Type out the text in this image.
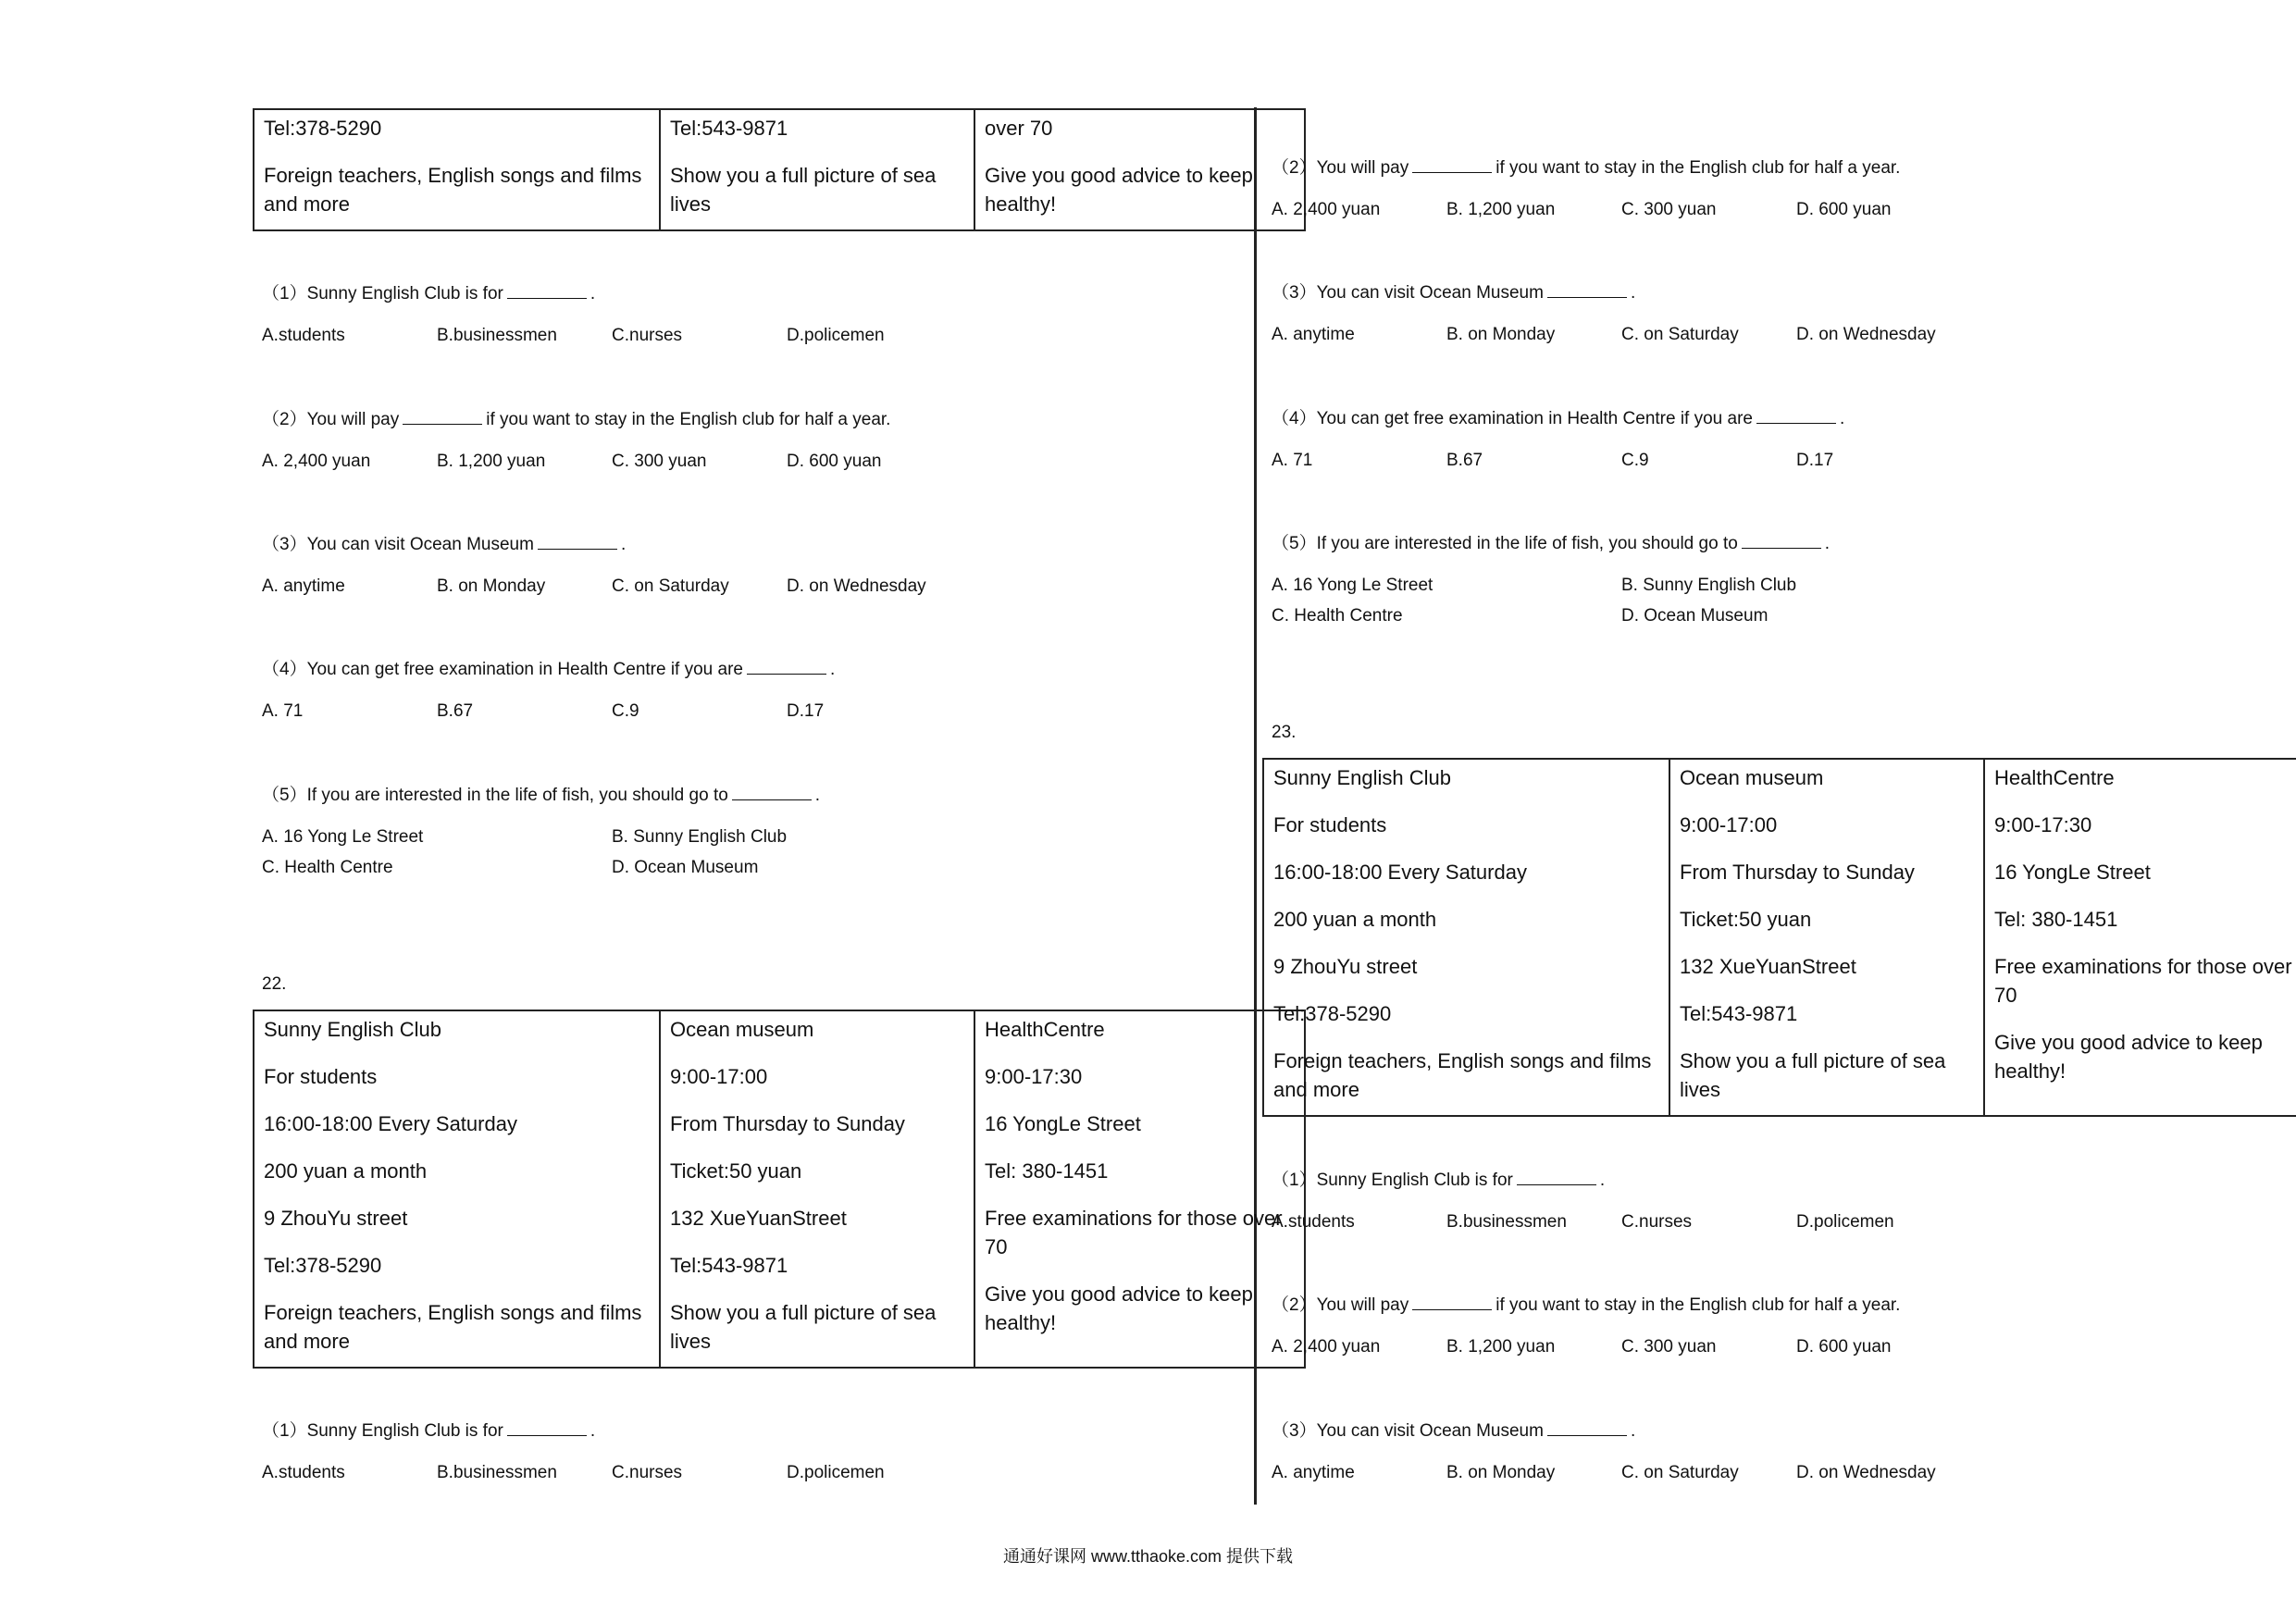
Tel:378-5290
Foreign teachers, English songs and films and more

Tel:543-9871
Show you a full picture of sea lives

over 70
Give you good advice to keep healthy!
（1）Sunny English Club is for	.
A.students	B.businessmen	C.nurses	D.policemen
（2）You will pay	if you want to stay in the English club for half a year.
A. 2,400 yuan	B. 1,200 yuan	C. 300 yuan	D. 600 yuan
（3）You can visit Ocean Museum	.
A. anytime	B. on Monday	C. on Saturday	D. on Wednesday
（4）You can get free examination in Health Centre if you are	.
A. 71	B.67	C.9	D.17
（5）If you are interested in the life of fish, you should go to	.
A. 16 Yong Le Street	B. Sunny English Club
C. Health Centre	D. Ocean Museum
22.
Sunny English Club
For students
16:00-18:00 Every Saturday
200 yuan a month
9 ZhouYu street
Tel:378-5290
Foreign teachers, English songs and films and more

Ocean museum
9:00-17:00
From Thursday to Sunday
Ticket:50 yuan
132 XueYuanStreet
Tel:543-9871
Show you a full picture of sea lives

HealthCentre
9:00-17:30
16 YongLe Street
Tel: 380-1451
Free examinations for those over 70
Give you good advice to keep healthy!
（1）Sunny English Club is for	.
A.students	B.businessmen	C.nurses	D.policemen
（2）You will pay	if you want to stay in the English club for half a year.
A. 2,400 yuan	B. 1,200 yuan	C. 300 yuan	D. 600 yuan
（3）You can visit Ocean Museum	.
A. anytime	B. on Monday	C. on Saturday	D. on Wednesday
（4）You can get free examination in Health Centre if you are	.
A. 71	B.67	C.9	D.17
（5）If you are interested in the life of fish, you should go to	.
A. 16 Yong Le Street	B. Sunny English Club
C. Health Centre	D. Ocean Museum
23.
Sunny English Club
For students
16:00-18:00 Every Saturday
200 yuan a month
9 ZhouYu street
Tel:378-5290
Foreign teachers, English songs and films and more

Ocean museum
9:00-17:00
From Thursday to Sunday
Ticket:50 yuan
132 XueYuanStreet
Tel:543-9871
Show you a full picture of sea lives

HealthCentre
9:00-17:30
16 YongLe Street
Tel: 380-1451
Free examinations for those over 70
Give you good advice to keep healthy!
（1）Sunny English Club is for	.
A.students	B.businessmen	C.nurses	D.policemen
（2）You will pay	if you want to stay in the English club for half a year.
A. 2,400 yuan	B. 1,200 yuan	C. 300 yuan	D. 600 yuan
（3）You can visit Ocean Museum	.
A. anytime	B. on Monday	C. on Saturday	D. on Wednesday
通通好课网 www.tthaoke.com 提供下载
